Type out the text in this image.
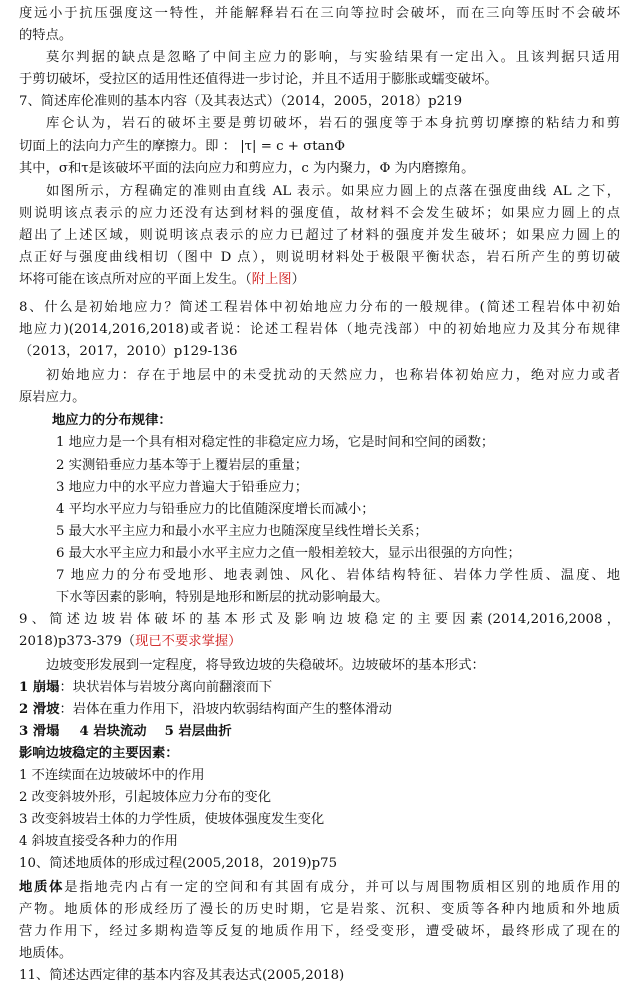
度远小于抗压强度这一特性，并能解释岩石在三向等拉时会破坏，而在三向等压时不会破坏
的特点。
莫尔判据的缺点是忽略了中间主应力的影响，与实验结果有一定出入。且该判据只适用
于剪切破坏，受拉区的适用性还值得进一步讨论，并且不适用于膨胀或蠕变破坏。
7、简述库伦准则的基本内容（及其表达式）（2014，2005，2018）p219
库仑认为，岩石的破坏主要是剪切破坏，岩石的强度等于本身抗剪切摩擦的粘结力和剪
切面上的法向力产生的摩擦力。即 ： |τ| = c + σtanΦ
其中，σ和τ是该破坏平面的法向应力和剪应力，c 为内聚力，Φ 为内磨擦角。
如图所示，方程确定的准则由直线 AL 表示。如果应力圆上的点落在强度曲线 AL 之下，
则说明该点表示的应力还没有达到材料的强度值，故材料不会发生破坏；如果应力圆上的点
超出了上述区域，则说明该点表示的应力已超过了材料的强度并发生破坏；如果应力圆上的
点正好与强度曲线相切（图中 D 点），则说明材料处于极限平衡状态，岩石所产生的剪切破
坏将可能在该点所对应的平面上发生。（附上图）
8、什么是初始地应力？简述工程岩体中初始地应力分布的一般规律。(简述工程岩体中初始
地应力)(2014,2016,2018)或者说：论述工程岩体（地壳浅部）中的初始地应力及其分布规律
（2013，2017，2010）p129-136
初始地应力：存在于地层中的未受扰动的天然应力，也称岩体初始应力，绝对应力或者
原岩应力。
地应力的分布规律：
1 地应力是一个具有相对稳定性的非稳定应力场，它是时间和空间的函数；
2 实测铅垂应力基本等于上覆岩层的重量；
3 地应力中的水平应力普遍大于铅垂应力；
4 平均水平应力与铅垂应力的比值随深度增长而减小；
5 最大水平主应力和最小水平主应力也随深度呈线性增长关系；
6 最大水平主应力和最小水平主应力之值一般相差较大，显示出很强的方向性；
7 地应力的分布受地形、地表剥蚀、风化、岩体结构特征、岩体力学性质、温度、地
下水等因素的影响，特别是地形和断层的扰动影响最大。
9、简述边坡岩体破坏的基本形式及影响边坡稳定的主要因素(2014,2016,2008，
2018)p373-379（现已不要求掌握）
边坡变形发展到一定程度，将导致边坡的失稳破坏。边坡破坏的基本形式：
1 崩塌：块状岩体与岩坡分离向前翻滚而下
2 滑坡：岩体在重力作用下，沿坡内软弱结构面产生的整体滑动
3 滑塌 4 岩块流动 5 岩层曲折
影响边坡稳定的主要因素：
1 不连续面在边坡破坏中的作用
2 改变斜坡外形，引起坡体应力分布的变化
3 改变斜坡岩土体的力学性质，使坡体强度发生变化
4 斜坡直接受各种力的作用
10、简述地质体的形成过程(2005,2018，2019)p75
地质体是指地壳内占有一定的空间和有其固有成分，并可以与周围物质相区别的地质作用的
产物。地质体的形成经历了漫长的历史时期，它是岩浆、沉积、变质等各种内地质和外地质
营力作用下，经过多期构造等反复的地质作用下，经受变形，遭受破坏，最终形成了现在的
地质体。
11、简述达西定律的基本内容及其表达式(2005,2018)
